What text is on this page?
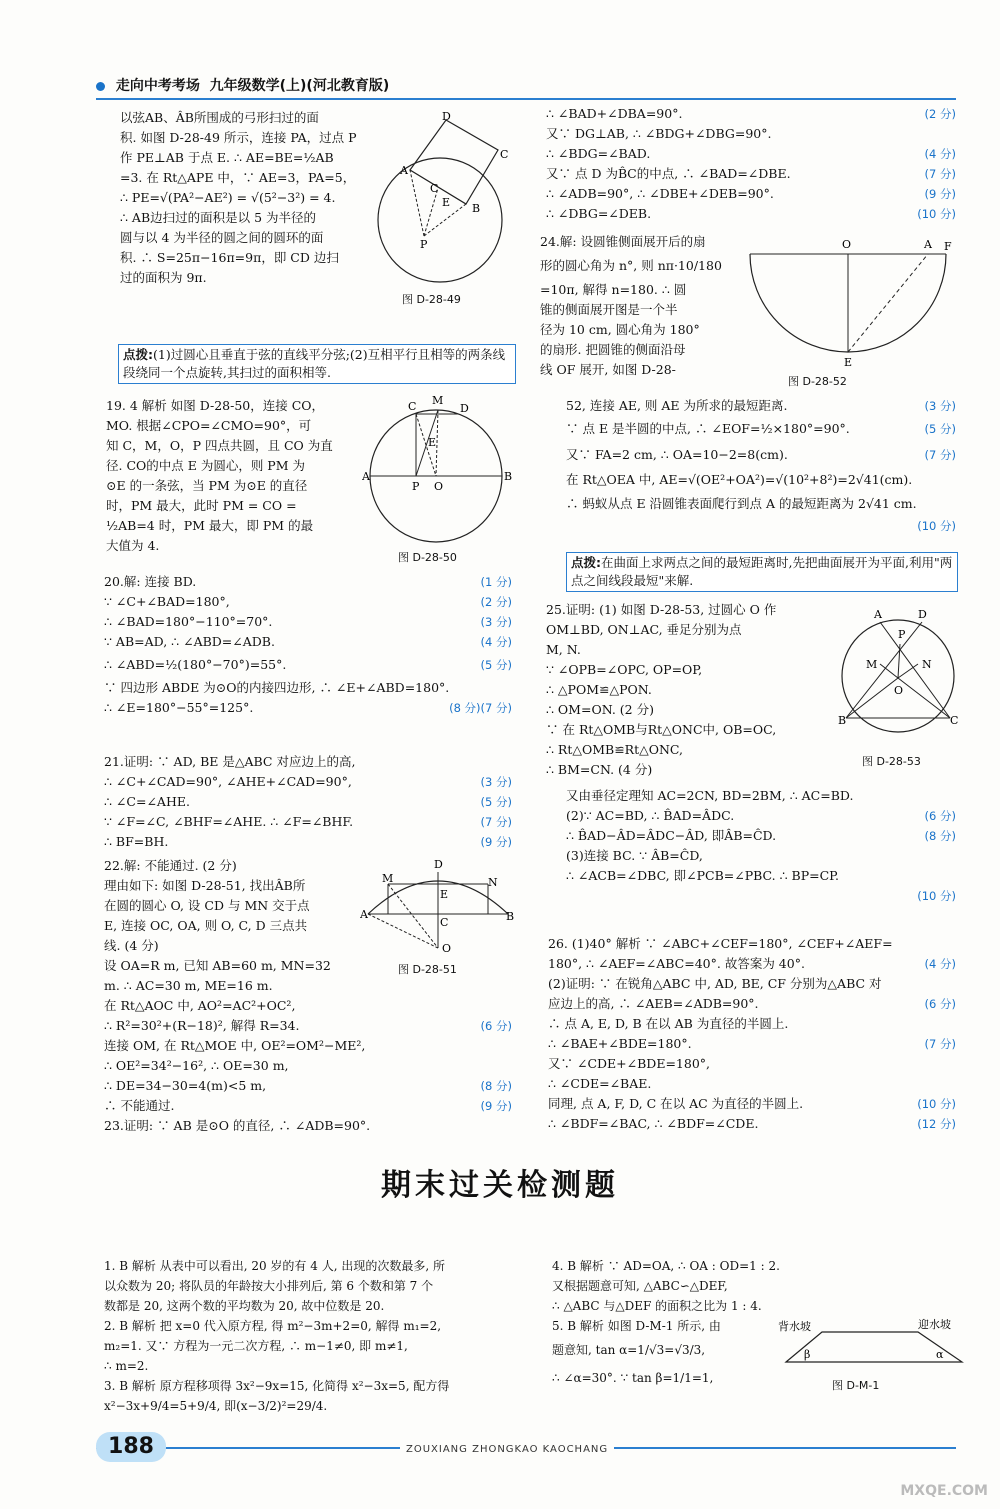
走向中考考场 九年级数学(上)(河北教育版)
以弦AB、ÂB所围成的弓形扫过的面
积. 如图 D-28-49 所示，连接 PA，过点 P
作 PE⊥AB 于点 E. ∴ AE=BE=½AB
=3. 在 Rt△APE 中，∵ AE=3，PA=5，
∴ PE=√(PA²−AE²) = √(5²−3²) = 4.
∴ AB边扫过的面积是以 5 为半径的
圆与以 4 为半径的圆之间的圆环的面
积. ∴ S=25π−16π=9π，即 CD 边扫
过的面积为 9π.
D
C
A
C
E B
P
图 D-28-49
点拨:(1)过圆心且垂直于弦的直线平分弦;(2)互相平行且相等的两条线段绕同一个点旋转,其扫过的面积相等.
19. 4 解析 如图 D-28-50，连接 CO，
MO. 根据∠CPO=∠CMO=90°，可
知 C，M，O，P 四点共圆，且 CO 为直
径. CO的中点 E 为圆心，则 PM 为
⊙E 的一条弦，当 PM 为⊙E 的直径
时，PM 最大，此时 PM = CO =
½AB=4 时，PM 最大，即 PM 的最
大值为 4.
C M
D
E
A	B
P O
图 D-28-50
20.解: 连接 BD.	(1 分)
∵ ∠C+∠BAD=180°,	(2 分)
∴ ∠BAD=180°−110°=70°.	(3 分)
∵ AB=AD, ∴ ∠ABD=∠ADB.	(4 分)
∴ ∠ABD=½(180°−70°)=55°.	(5 分)
∵ 四边形 ABDE 为⊙O的内接四边形, ∴ ∠E+∠ABD=180°.
(7 分)
∴ ∠E=180°−55°=125°.	(8 分)
21.证明: ∵ AD, BE 是△ABC 对应边上的高,
∴ ∠C+∠CAD=90°, ∠AHE+∠CAD=90°,	(3 分)
∴ ∠C=∠AHE.	(5 分)
∵ ∠F=∠C, ∠BHF=∠AHE. ∴ ∠F=∠BHF.	(7 分)
∴ BF=BH.	(9 分)
22.解: 不能通过. (2 分)
理由如下: 如图 D-28-51, 找出ÂB所
在圆的圆心 O, 设 CD 与 MN 交于点
E, 连接 OC, OA, 则 O, C, D 三点共
线. (4 分)
设 OA=R m, 已知 AB=60 m, MN=32
m. ∴ AC=30 m, ME=16 m.
D
M	N
A
E
B
C
O
图 D-28-51
在 Rt△AOC 中, AO²=AC²+OC²,
∴ R²=30²+(R−18)², 解得 R=34.	(6 分)
连接 OM, 在 Rt△MOE 中, OE²=OM²−ME²,
∴ OE²=34²−16², ∴ OE=30 m,
∴ DE=34−30=4(m)<5 m,	(8 分)
∴ 不能通过.	(9 分)
23.证明: ∵ AB 是⊙O 的直径, ∴ ∠ADB=90°.
∴ ∠BAD+∠DBA=90°.	(2 分)
又∵ DG⊥AB, ∴ ∠BDG+∠DBG=90°.
∴ ∠BDG=∠BAD.	(4 分)
又∵ 点 D 为B̂C的中点, ∴ ∠BAD=∠DBE.	(7 分)
∴ ∠ADB=90°, ∴ ∠DBE+∠DEB=90°.	(9 分)
∴ ∠DBG=∠DEB.	(10 分)
24.解: 设圆锥侧面展开后的扇
形的圆心角为 n°, 则 nπ·10/180
=10π, 解得 n=180. ∴ 圆
锥的侧面展开图是一个半
径为 10 cm, 圆心角为 180°
的扇形. 把圆锥的侧面沿母
线 OF 展开, 如图 D-28-
O	A F
E
图 D-28-52
52, 连接 AE, 则 AE 为所求的最短距离.	(3 分)
∵ 点 E 是半圆的中点, ∴ ∠EOF=½×180°=90°.	(5 分)
又∵ FA=2 cm, ∴ OA=10−2=8(cm).	(7 分)
在 Rt△OEA 中, AE=√(OE²+OA²)=√(10²+8²)=2√41(cm).
∴ 蚂蚁从点 E 沿圆锥表面爬行到点 A 的最短距离为 2√41 cm.
(10 分)
点拨:在曲面上求两点之间的最短距离时,先把曲面展开为平面,利用"两点之间线段最短"来解.
25.证明: (1) 如图 D-28-53, 过圆心 O 作
OM⊥BD, ON⊥AC, 垂足分别为点
M, N.
∵ ∠OPB=∠OPC, OP=OP,
∴ △POM≌△PON.
∴ OM=ON. (2 分)
∵ 在 Rt△OMB与Rt△ONC中, OB=OC,
∴ Rt△OMB≌Rt△ONC,
∴ BM=CN. (4 分)
A	D
P
M	N
O
B	C
图 D-28-53
又由垂径定理知 AC=2CN, BD=2BM, ∴ AC=BD.
(6 分)
(2)∵ AC=BD, ∴ B̂AD=ÂDC.
∴ B̂AD−ÂD=ÂDC−ÂD, 即ÂB=ĈD.	(8 分)
(3)连接 BC. ∵ ÂB=ĈD,
∴ ∠ACB=∠DBC, 即∠PCB=∠PBC. ∴ BP=CP.
(10 分)
26. (1)40° 解析 ∵ ∠ABC+∠CEF=180°, ∠CEF+∠AEF=
180°, ∴ ∠AEF=∠ABC=40°. 故答案为 40°.	(4 分)
(2)证明: ∵ 在锐角△ABC 中, AD, BE, CF 分别为△ABC 对
应边上的高, ∴ ∠AEB=∠ADB=90°.	(6 分)
∴ 点 A, E, D, B 在以 AB 为直径的半圆上.
∴ ∠BAE+∠BDE=180°.	(7 分)
又∵ ∠CDE+∠BDE=180°,
∴ ∠CDE=∠BAE.
同理, 点 A, F, D, C 在以 AC 为直径的半圆上.	(10 分)
∴ ∠BDF=∠BAC, ∴ ∠BDF=∠CDE.	(12 分)
期末过关检测题
1. B 解析 从表中可以看出, 20 岁的有 4 人, 出现的次数最多, 所
以众数为 20; 将队员的年龄按大小排列后, 第 6 个数和第 7 个
数都是 20, 这两个数的平均数为 20, 故中位数是 20.
2. B 解析 把 x=0 代入原方程, 得 m²−3m+2=0, 解得 m₁=2,
m₂=1. 又∵ 方程为一元二次方程, ∴ m−1≠0, 即 m≠1,
∴ m=2.
3. B 解析 原方程移项得 3x²−9x=15, 化简得 x²−3x=5, 配方得
x²−3x+9/4=5+9/4, 即(x−3/2)²=29/4.
4. B 解析 ∵ AD=OA, ∴ OA : OD=1 : 2.
又根据题意可知, △ABC∽△DEF,
∴ △ABC 与△DEF 的面积之比为 1 : 4.
5. B 解析 如图 D-M-1 所示, 由
题意知, tan α=1/√3=√3/3,
∴ ∠α=30°. ∵ tan β=1/1=1,
背水坡	迎水坡
β	α
图 D-M-1
188	ZOUXIANG ZHONGKAO KAOCHANG
MXQE.COM
